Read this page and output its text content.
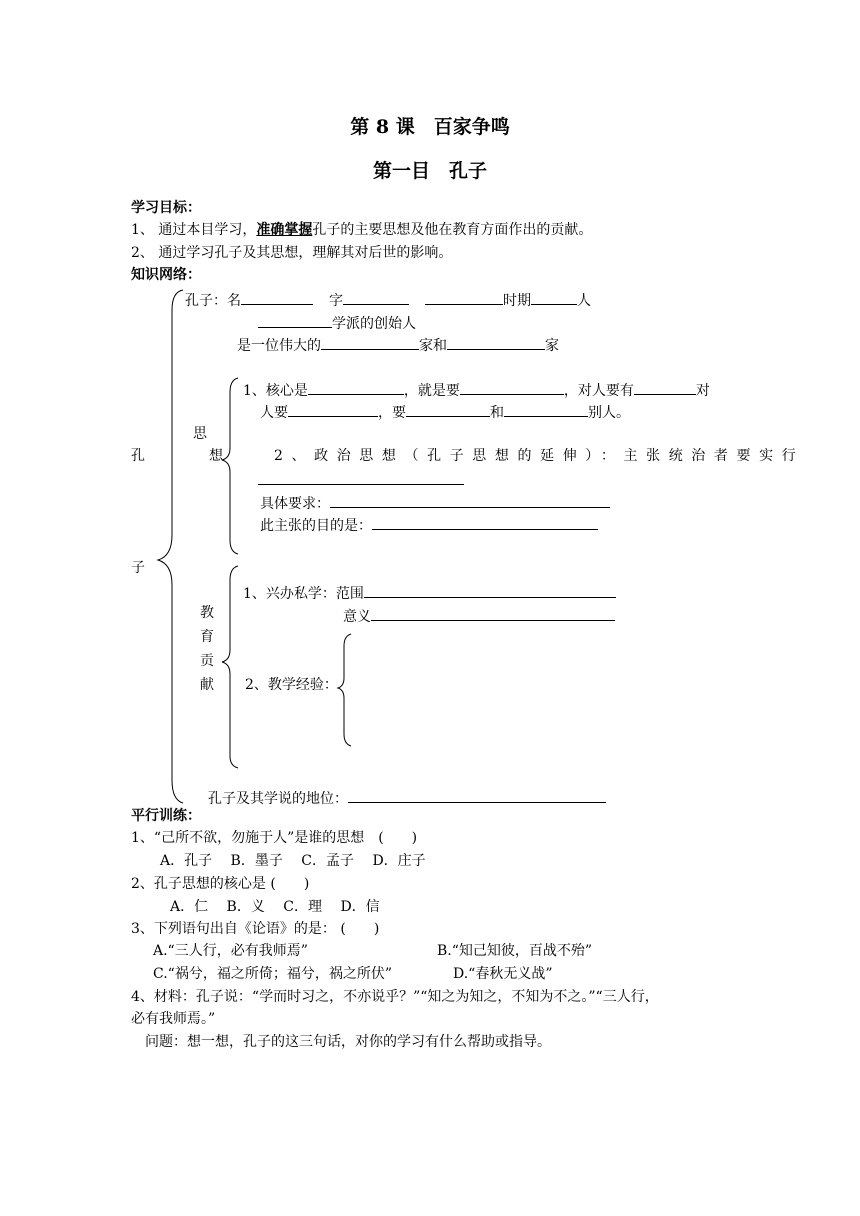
第 8 课　百家争鸣
第一目　孔子
学习目标：
1、 通过本目学习，准确掌握孔子的主要思想及他在教育方面作出的贡献。
2、 通过学习孔子及其思想，理解其对后世的影响。
知识网络：
孔
子
孔子：名	字	时期	人
学派的创始人
是一位伟大的	家和	家
思
想
1、核心是	，就是要	，对人要有	对
人要	，要	和	别人。
2、政治思想（孔子思想的延伸）：主张统治者要实行
具体要求：
此主张的目的是：
教
育
贡
献
1、兴办私学：范围
意义
2、教学经验：
孔子及其学说的地位：
平行训练：
1、“己所不欲，勿施于人”是谁的思想　(　　)
A．孔子　 B．墨子　 C．孟子　 D．庄子
2、孔子思想的核心是 (　　)
A．仁　 B．义　 C．理　 D．信
3、下列语句出自《论语》的是： (　　)
A.“三人行，必有我师焉”	B.“知己知彼，百战不殆”
C.“祸兮，福之所倚；福兮，祸之所伏”	D.“春秋无义战”
4、材料：孔子说：“学而时习之，不亦说乎？”“知之为知之，不知为不之。”“三人行，
必有我师焉。”
问题：想一想，孔子的这三句话，对你的学习有什么帮助或指导。
